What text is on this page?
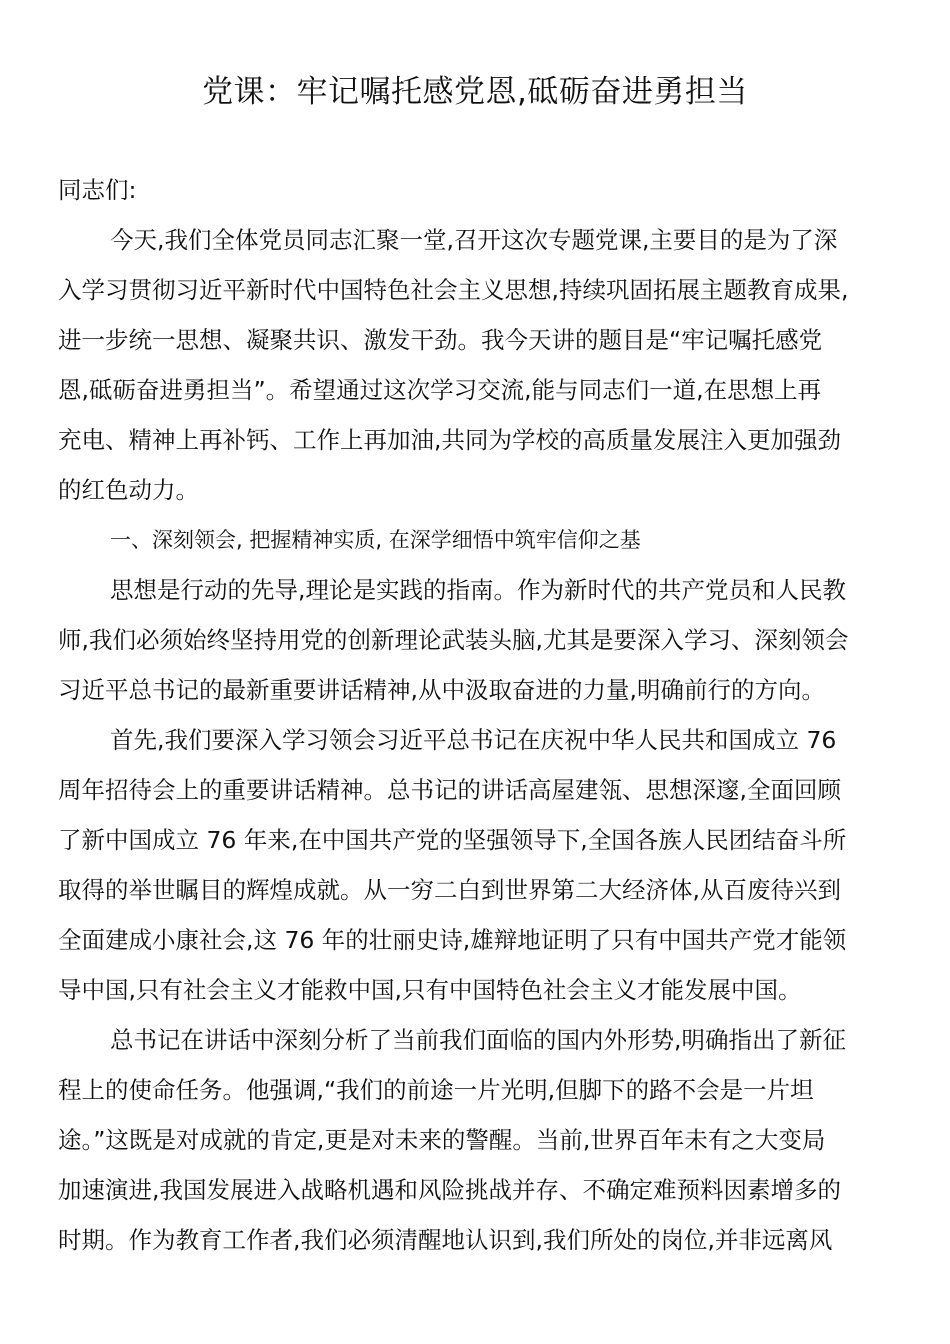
党课：牢记嘱托感党恩,砥砺奋进勇担当
同志们:
今天,我们全体党员同志汇聚一堂,召开这次专题党课,主要目的是为了深
入学习贯彻习近平新时代中国特色社会主义思想,持续巩固拓展主题教育成果,
进一步统一思想、凝聚共识、激发干劲。我今天讲的题目是“牢记嘱托感党
恩,砥砺奋进勇担当”。希望通过这次学习交流,能与同志们一道,在思想上再
充电、精神上再补钙、工作上再加油,共同为学校的高质量发展注入更加强劲
的红色动力。
一、深刻领会, 把握精神实质, 在深学细悟中筑牢信仰之基
思想是行动的先导,理论是实践的指南。作为新时代的共产党员和人民教
师,我们必须始终坚持用党的创新理论武装头脑,尤其是要深入学习、深刻领会
习近平总书记的最新重要讲话精神,从中汲取奋进的力量,明确前行的方向。
首先,我们要深入学习领会习近平总书记在庆祝中华人民共和国成立 76
周年招待会上的重要讲话精神。总书记的讲话高屋建瓴、思想深邃,全面回顾
了新中国成立 76 年来,在中国共产党的坚强领导下,全国各族人民团结奋斗所
取得的举世瞩目的辉煌成就。从一穷二白到世界第二大经济体,从百废待兴到
全面建成小康社会,这 76 年的壮丽史诗,雄辩地证明了只有中国共产党才能领
导中国,只有社会主义才能救中国,只有中国特色社会主义才能发展中国。
总书记在讲话中深刻分析了当前我们面临的国内外形势,明确指出了新征
程上的使命任务。他强调,“我们的前途一片光明,但脚下的路不会是一片坦
途。”这既是对成就的肯定,更是对未来的警醒。当前,世界百年未有之大变局
加速演进,我国发展进入战略机遇和风险挑战并存、不确定难预料因素增多的
时期。作为教育工作者,我们必须清醒地认识到,我们所处的岗位,并非远离风
